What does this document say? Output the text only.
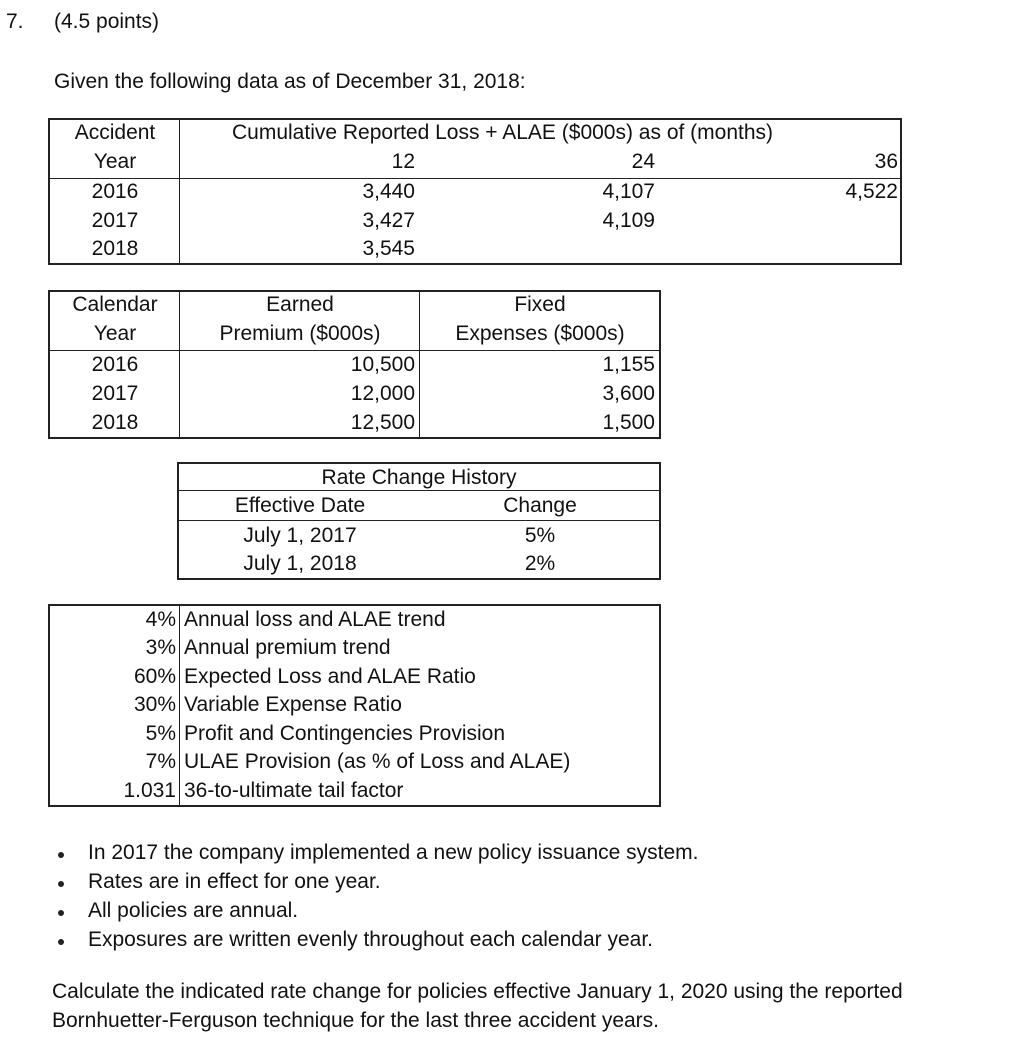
7. (4.5 points)
Given the following data as of December 31, 2018:
Accident
Year
Cumulative Reported Loss + ALAE ($000s) as of (months)
12	24	36
2016	3,440	4,107	4,522
2017	3,427	4,109
2018	3,545
Calendar
Year
Earned
Premium ($000s)
Fixed
Expenses ($000s)
2016	10,500	1,155
2017	12,000	3,600
2018	12,500	1,500
Rate Change History
Effective Date	Change
July 1, 2017	5%
July 1, 2018	2%
4% Annual loss and ALAE trend
3% Annual premium trend
60% Expected Loss and ALAE Ratio
30% Variable Expense Ratio
5% Profit and Contingencies Provision
7% ULAE Provision (as % of Loss and ALAE)
1.031 36-to-ultimate tail factor
In 2017 the company implemented a new policy issuance system.
Rates are in effect for one year.
All policies are annual.
Exposures are written evenly throughout each calendar year.
Calculate the indicated rate change for policies effective January 1, 2020 using the reported
Bornhuetter-Ferguson technique for the last three accident years.
